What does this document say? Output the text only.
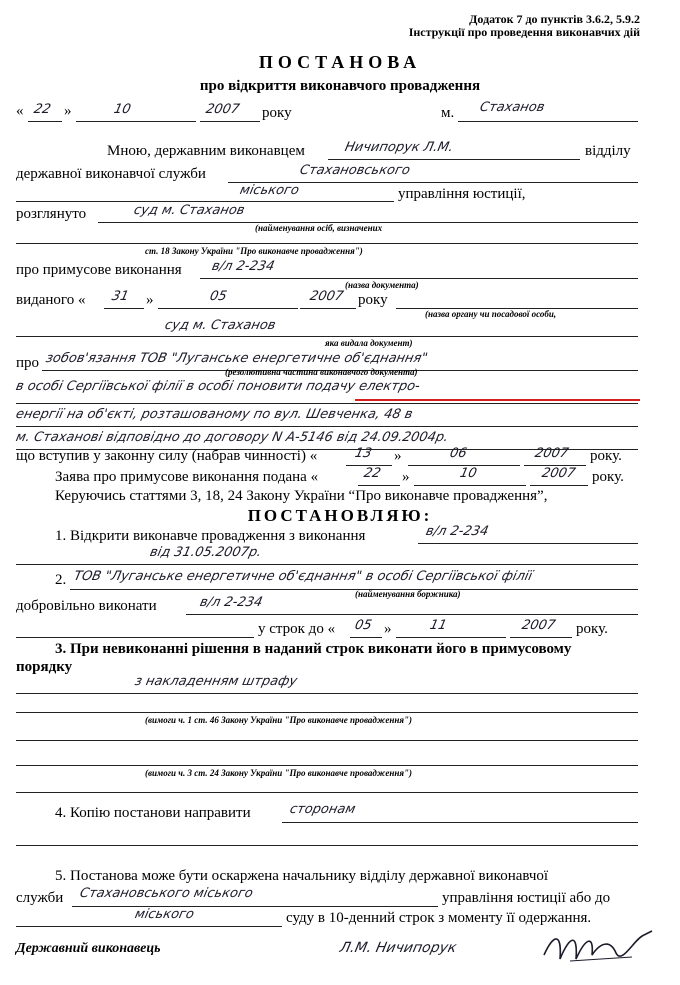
Додаток 7 до пунктів 3.6.2, 5.9.2
Інструкції про проведення виконавчих дій
ПОСТАНОВА
про відкриття виконавчого провадження
« 22 »	10	2007 року	м. Стаханов
Мною, державним виконавцем	Ничипорук Л.М.	відділу
державної виконавчої служби	Стахановського
міського	управління юстиції,
розглянуто	суд м. Стаханов
(найменування осіб, визначених
ст. 18 Закону України "Про виконавче провадження")
про примусове виконання в/л 2-234
(назва документа)
виданого « 31 »	05	2007 року
(назва органу чи посадової особи,
суд м. Стаханов
яка видала документ)
про зобов'язання ТОВ "Луганське енергетичне об'єднання"
(резолютивна частина виконавчого документа)
в особі Сергіївської філії в особі поновити подачу електро-
енергії на об'єкті, розташованому по вул. Шевченка, 48 в
м. Стаханові відповідно до договору N А-5146 від 24.09.2004р.
що вступив у законну силу (набрав чинності) «	13 »	06	2007 року.
Заява про примусове виконання подана «	22 »	10	2007 року.
Керуючись статтями 3, 18, 24 Закону України “Про виконавче провадження”,
ПОСТАНОВЛЯЮ:
1. Відкрити виконавче провадження з виконання	в/л 2-234
від 31.05.2007р.
2. ТОВ "Луганське енергетичне об'єднання" в особі Сергіївської філії
(найменування боржника)
добровільно виконати	в/л 2-234
у строк до « 05 »	11	2007 року.
3. При невиконанні рішення в наданий строк виконати його в примусовому
порядку
з накладенням штрафу
(вимоги ч. 1 ст. 46 Закону України "Про виконавче провадження")
(вимоги ч. 3 ст. 24 Закону України "Про виконавче провадження")
4. Копію постанови направити	сторонам
5. Постанова може бути оскаржена начальнику відділу державної виконавчої
служби Стахановського міського	управління юстиції або до
міського	суду в 10-денний строк з моменту її одержання.
Державний виконавець	Л.М. Ничипорук
